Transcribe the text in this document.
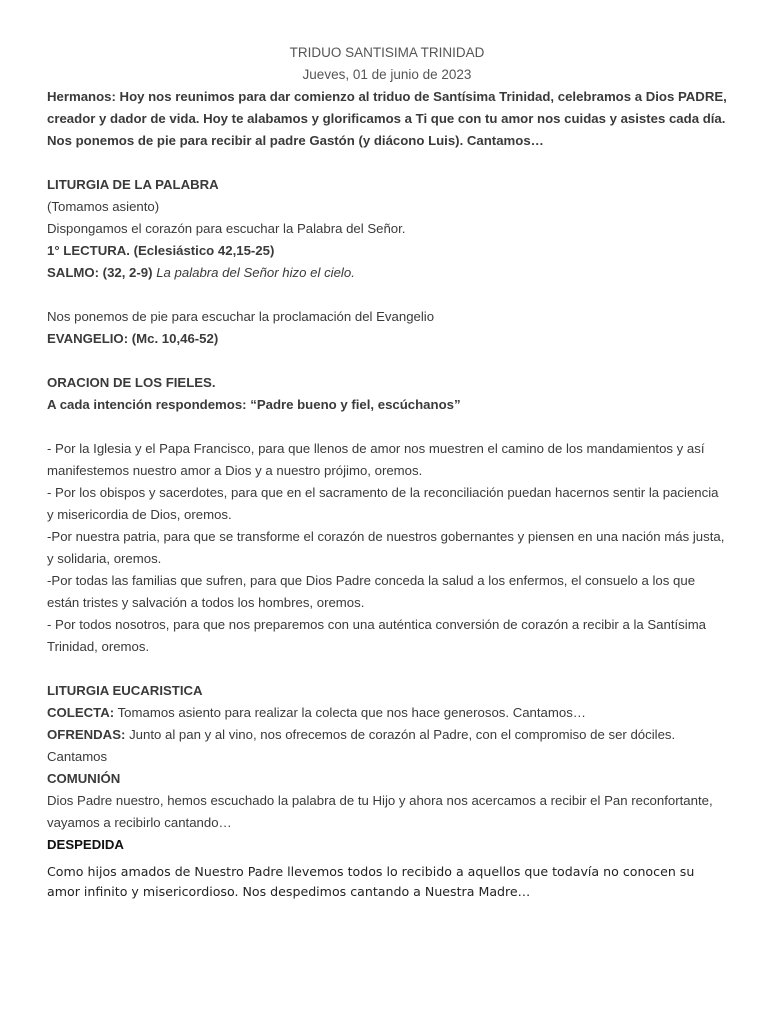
TRIDUO SANTISIMA TRINIDAD
Jueves, 01 de junio de 2023

Hermanos: Hoy nos reunimos para dar comienzo al triduo de Santísima Trinidad, celebramos a Dios PADRE, creador y dador de vida. Hoy te alabamos y glorificamos a Ti que con tu amor nos cuidas y asistes cada día.

Nos ponemos de pie para recibir al padre Gastón (y diácono Luis). Cantamos…

LITURGIA DE LA PALABRA

(Tomamos asiento)

Dispongamos el corazón para escuchar la Palabra del Señor.

1° LECTURA. (Eclesiástico 42,15-25)

SALMO: (32, 2-9) La palabra del Señor hizo el cielo.

Nos ponemos de pie para escuchar la proclamación del Evangelio

EVANGELIO: (Mc. 10,46-52)

ORACION DE LOS FIELES.

A cada intención respondemos: “Padre bueno y fiel, escúchanos”

- Por la Iglesia y el Papa Francisco, para que llenos de amor nos muestren el camino de los mandamientos y así manifestemos nuestro amor a Dios y a nuestro prójimo, oremos.

- Por los obispos y sacerdotes, para que en el sacramento de la reconciliación puedan hacernos sentir la paciencia y misericordia de Dios, oremos.

-Por nuestra patria, para que se transforme el corazón de nuestros gobernantes y piensen en una nación más justa, y solidaria, oremos.

-Por todas las familias que sufren, para que Dios Padre conceda la salud a los enfermos, el consuelo a los que están tristes y salvación a todos los hombres, oremos.

- Por todos nosotros, para que nos preparemos con una auténtica conversión de corazón a recibir a la Santísima Trinidad, oremos.

LITURGIA EUCARISTICA

COLECTA: Tomamos asiento para realizar la colecta que nos hace generosos. Cantamos…

OFRENDAS: Junto al pan y al vino, nos ofrecemos de corazón al Padre, con el compromiso de ser dóciles. Cantamos

COMUNIÓN

Dios Padre nuestro, hemos escuchado la palabra de tu Hijo y ahora nos acercamos a recibir el Pan reconfortante, vayamos a recibirlo cantando…

DESPEDIDA

Como hijos amados de Nuestro Padre llevemos todos lo recibido a aquellos que todavía no conocen su amor infinito y misericordioso. Nos despedimos cantando a Nuestra Madre…
